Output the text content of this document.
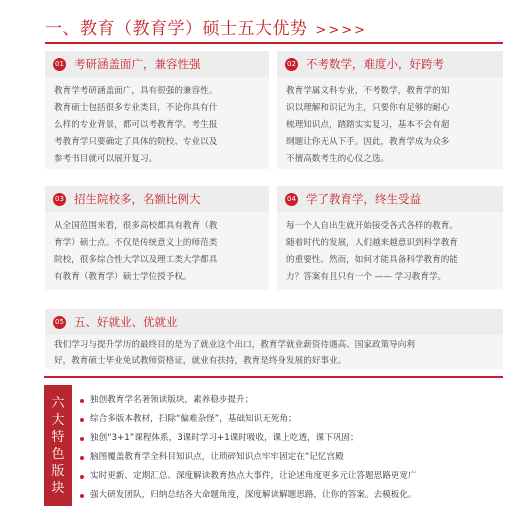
一、教育（教育学）硕士五大优势 >>>>
01 考研涵盖面广，兼容性强

教育学考研涵盖面广，具有很强的兼容性。

教育硕士包括很多专业类目，不论你具有什

么样的专业背景，都可以考教育学。考生报

考教育学只要确定了具体的院校、专业以及

参考书目就可以展开复习。

02 不考数学，难度小，好跨考

教育学属文科专业，不考数学，教育学的知

识以理解和识记为主，只要你有足够的耐心

梳理知识点，踏踏实实复习，基本不会有超

纲题让你无从下手。因此，教育学成为众多

不擅高数考生的心仪之选。

03 招生院校多，名额比例大

从全国范围来看，很多高校都具有教育（教

育学）硕士点。不仅是传统意义上的师范类

院校，很多综合性大学以及理工类大学都具

有教育（教育学）硕士学位授予权。

04 学了教育学，终生受益

每一个人自出生就开始接受各式各样的教育。

随着时代的发展，人们越来越意识到科学教育

的重要性。然而，如何才能具备科学教育的能

力？答案有且只有一个 —— 学习教育学。

05 五、好就业、优就业

我们学习与提升学历的最终目的是为了就业这个出口，教育学就业薪资待遇高、国家政策导向利

好，教育硕士毕业免试教师资格证，就业有扶持，教育是终身发展的好事业。

六
大
特
色
版
块
独创教育学名著领读版块，素养稳步提升；
综合多版本教材，扫除“偏难杂怪”，基础知识无死角；
独创“3+1”课程体系，3课时学习+1课时吸收，课上吃透，课下巩固；
脑图覆盖教育学全科目知识点，让琐碎知识点牢牢固定在“记忆宫殿
实时更新、定期汇总、深度解读教育热点大事件，让论述角度更多元让答题思路更宽广
强大研发团队，归纳总结各大命题角度，深度解读解题思路，让你的答案。去模板化。
